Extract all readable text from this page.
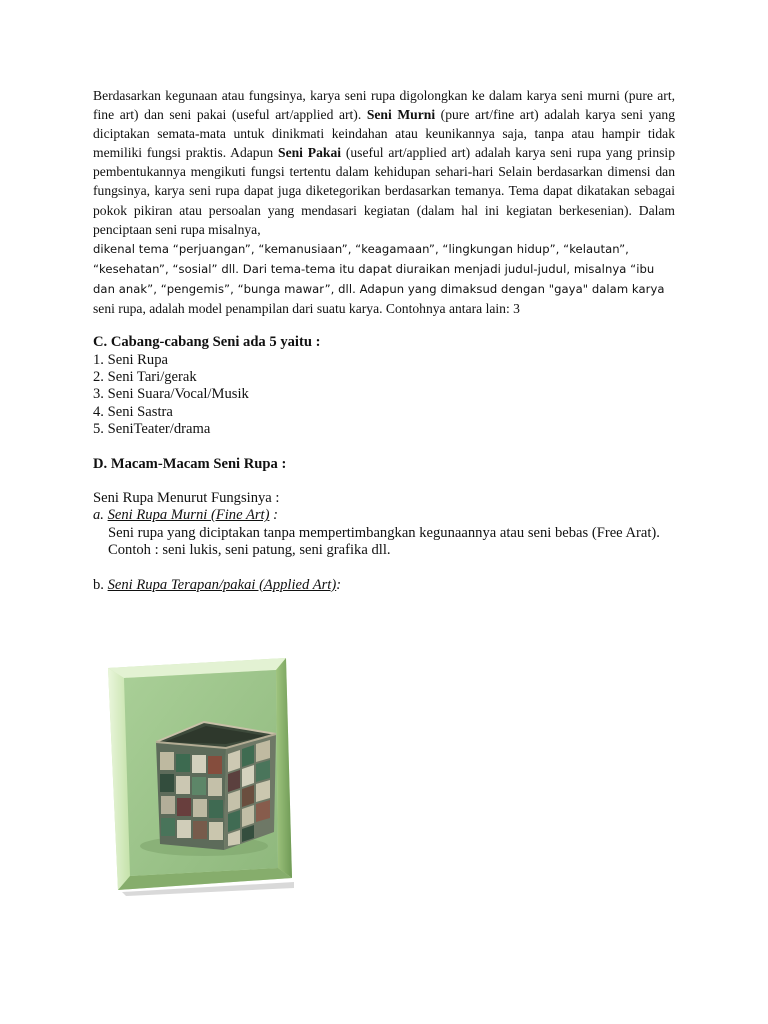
Berdasarkan kegunaan atau fungsinya, karya seni rupa digolongkan ke dalam karya seni murni (pure art, fine art) dan seni pakai (useful art/applied art). Seni Murni (pure art/fine art) adalah karya seni yang diciptakan semata-mata untuk dinikmati keindahan atau keunikannya saja, tanpa atau hampir tidak memiliki fungsi praktis. Adapun Seni Pakai (useful art/applied art) adalah karya seni rupa yang prinsip pembentukannya mengikuti fungsi tertentu dalam kehidupan sehari-hari Selain berdasarkan dimensi dan fungsinya, karya seni rupa dapat juga diketegorikan berdasarkan temanya. Tema dapat dikatakan sebagai pokok pikiran atau persoalan yang mendasari kegiatan (dalam hal ini kegiatan berkesenian). Dalam penciptaan seni rupa misalnya,
dikenal tema “perjuangan”, “kemanusiaan”, “keagamaan”, “lingkungan hidup”, “kelautan”,
“kesehatan”, “sosial” dll. Dari tema-tema itu dapat diuraikan menjadi judul-judul, misalnya “ibu
dan anak”, “pengemis”, “bunga mawar”, dll. Adapun yang dimaksud dengan "gaya" dalam karya
seni rupa, adalah model penampilan dari suatu karya. Contohnya antara lain: 3

C. Cabang-cabang Seni ada 5 yaitu :

1. Seni Rupa

2. Seni Tari/gerak

3. Seni Suara/Vocal/Musik

4. Seni Sastra

5. SeniTeater/drama

D. Macam-Macam Seni Rupa :

Seni Rupa Menurut Fungsinya :

a. Seni Rupa Murni (Fine Art) :

Seni rupa yang diciptakan tanpa mempertimbangkan kegunaannya atau seni bebas (Free Arat).

Contoh : seni lukis, seni patung, seni grafika dll.

b. Seni Rupa Terapan/pakai (Applied Art):
